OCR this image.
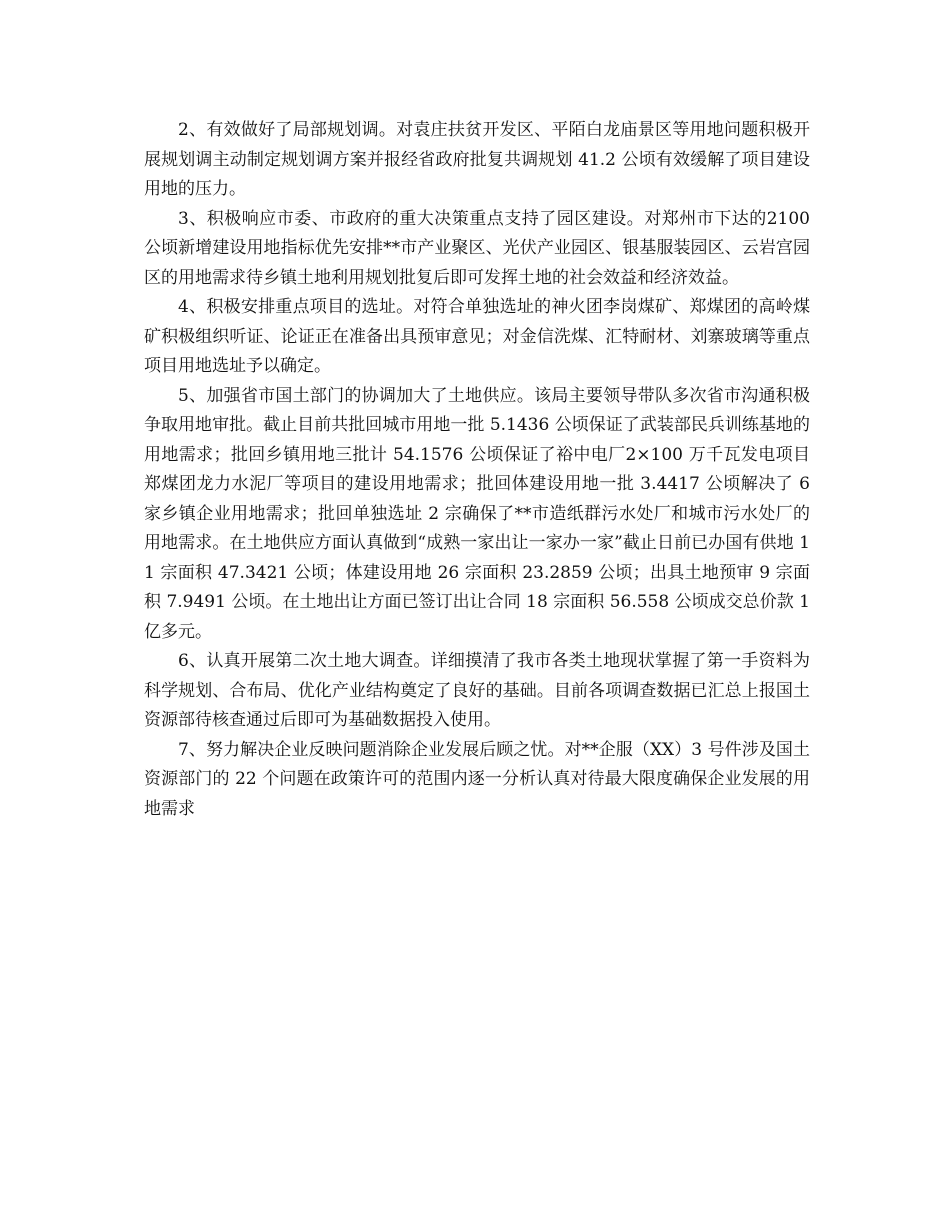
2、有效做好了局部规划调。对袁庄扶贫开发区、平陌白龙庙景区等用地问题积极开展规划调主动制定规划调方案并报经省政府批复共调规划 41.2 公顷有效缓解了项目建设用地的压力。

3、积极响应市委、市政府的重大决策重点支持了园区建设。对郑州市下达的2100 公顷新增建设用地指标优先安排**市产业聚区、光伏产业园区、银基服装园区、云岩宫园区的用地需求待乡镇土地利用规划批复后即可发挥土地的社会效益和经济效益。

4、积极安排重点项目的选址。对符合单独选址的神火团李岗煤矿、郑煤团的高岭煤矿积极组织听证、论证正在准备出具预审意见；对金信洗煤、汇特耐材、刘寨玻璃等重点项目用地选址予以确定。

5、加强省市国土部门的协调加大了土地供应。该局主要领导带队多次省市沟通积极争取用地审批。截止目前共批回城市用地一批 5.1436 公顷保证了武装部民兵训练基地的用地需求；批回乡镇用地三批计 54.1576 公顷保证了裕中电厂2×100 万千瓦发电项目郑煤团龙力水泥厂等项目的建设用地需求；批回体建设用地一批 3.4417 公顷解决了 6 家乡镇企业用地需求；批回单独选址 2 宗确保了**市造纸群污水处厂和城市污水处厂的用地需求。在土地供应方面认真做到“成熟一家出让一家办一家”截止日前已办国有供地 11 宗面积 47.3421 公顷；体建设用地 26 宗面积 23.2859 公顷；出具土地预审 9 宗面积 7.9491 公顷。在土地出让方面已签订出让合同 18 宗面积 56.558 公顷成交总价款 1 亿多元。

6、认真开展第二次土地大调查。详细摸清了我市各类土地现状掌握了第一手资料为科学规划、合布局、优化产业结构奠定了良好的基础。目前各项调查数据已汇总上报国土资源部待核查通过后即可为基础数据投入使用。

7、努力解决企业反映问题消除企业发展后顾之忧。对**企服（XX）3 号件涉及国土资源部门的 22 个问题在政策许可的范围内逐一分析认真对待最大限度确保企业发展的用地需求
